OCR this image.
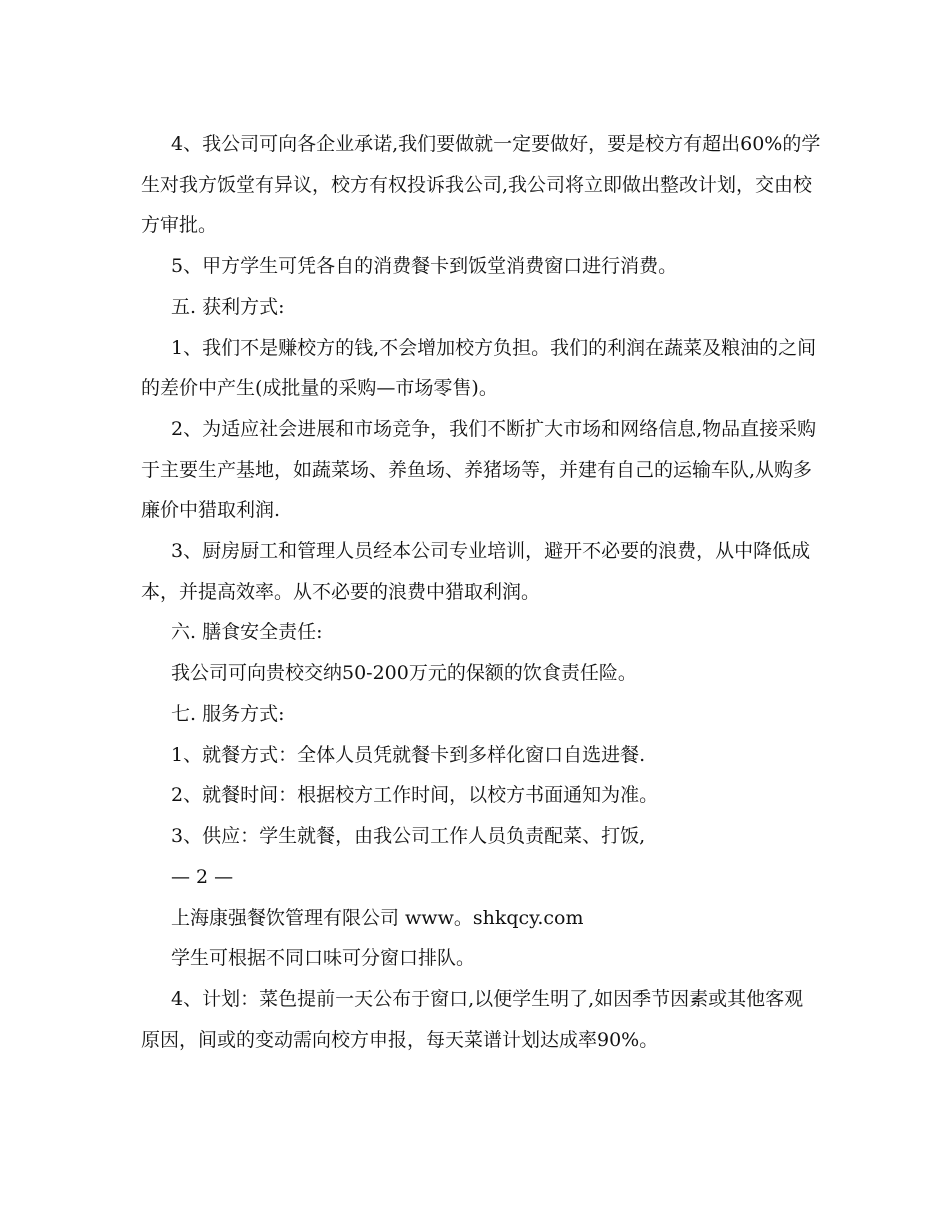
4、我公司可向各企业承诺,我们要做就一定要做好，要是校方有超出60%的学
生对我方饭堂有异议，校方有权投诉我公司,我公司将立即做出整改计划，交由校
方审批。
5、甲方学生可凭各自的消费餐卡到饭堂消费窗口进行消费。
五. 获利方式:
1、我们不是赚校方的钱,不会增加校方负担。我们的利润在蔬菜及粮油的之间
的差价中产生(成批量的采购—市场零售)。
2、为适应社会进展和市场竞争，我们不断扩大市场和网络信息,物品直接采购
于主要生产基地，如蔬菜场、养鱼场、养猪场等，并建有自己的运输车队,从购多
廉价中猎取利润.
3、厨房厨工和管理人员经本公司专业培训，避开不必要的浪费，从中降低成
本，并提高效率。从不必要的浪费中猎取利润。
六. 膳食安全责任:
我公司可向贵校交纳50-200万元的保额的饮食责任险。
七. 服务方式:
1、就餐方式：全体人员凭就餐卡到多样化窗口自选进餐.
2、就餐时间：根据校方工作时间，以校方书面通知为准。
3、供应：学生就餐，由我公司工作人员负责配菜、打饭,
— 2 —
上海康强餐饮管理有限公司 www。shkqcy.com
学生可根据不同口味可分窗口排队。
4、计划：菜色提前一天公布于窗口,以便学生明了,如因季节因素或其他客观
原因，间或的变动需向校方申报，每天菜谱计划达成率90%。
